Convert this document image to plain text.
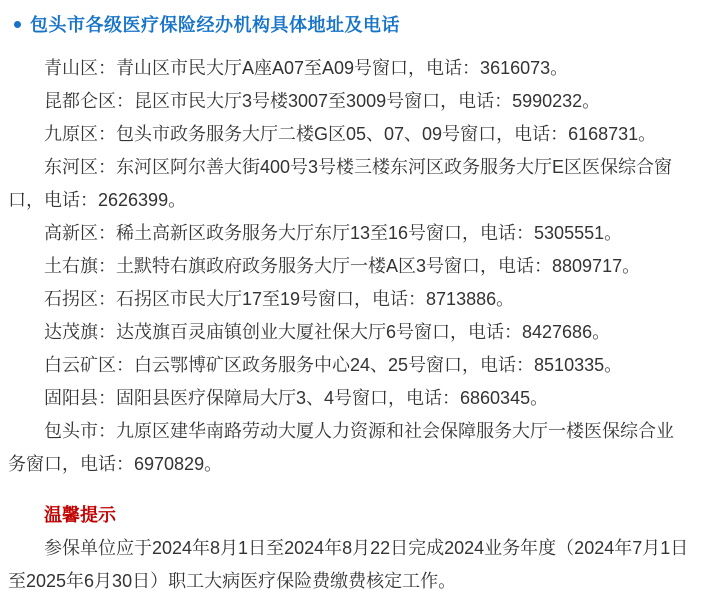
包头市各级医疗保险经办机构具体地址及电话

青山区：青山区市民大厅A座A07至A09号窗口，电话：3616073。

昆都仑区：昆区市民大厅3号楼3007至3009号窗口，电话：5990232。

九原区：包头市政务服务大厅二楼G区05、07、09号窗口，电话：6168731。

东河区：东河区阿尔善大街400号3号楼三楼东河区政务服务大厅E区医保综合窗口，电话：2626399。

高新区：稀土高新区政务服务大厅东厅13至16号窗口，电话：5305551。

土右旗：土默特右旗政府政务服务大厅一楼A区3号窗口，电话：8809717。

石拐区：石拐区市民大厅17至19号窗口，电话：8713886。

达茂旗：达茂旗百灵庙镇创业大厦社保大厅6号窗口，电话：8427686。

白云矿区：白云鄂博矿区政务服务中心24、25号窗口，电话：8510335。

固阳县：固阳县医疗保障局大厅3、4号窗口，电话：6860345。

包头市：九原区建华南路劳动大厦人力资源和社会保障服务大厅一楼医保综合业务窗口，电话：6970829。

温馨提示

参保单位应于2024年8月1日至2024年8月22日完成2024业务年度（2024年7月1日至2025年6月30日）职工大病医疗保险费缴费核定工作。
